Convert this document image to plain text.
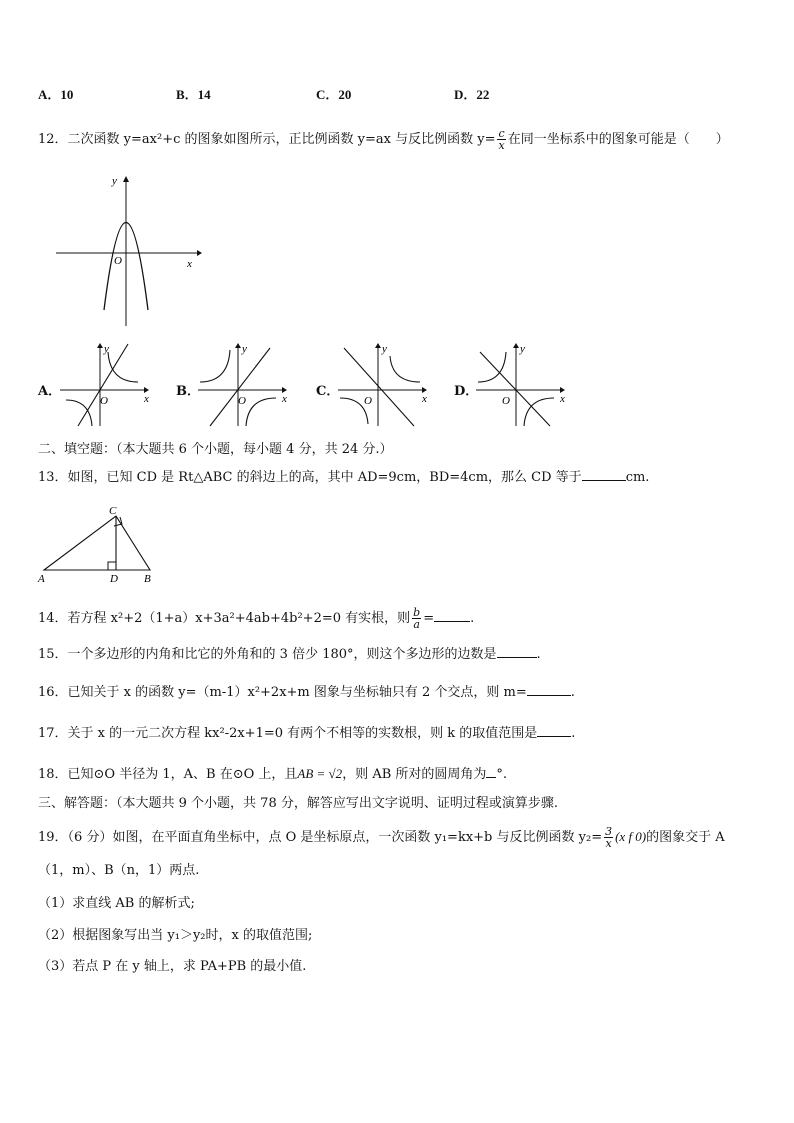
A．10	B．14	C．20	D．22
12．二次函数 y=ax²+c 的图象如图所示，正比例函数 y=ax 与反比例函数 $y= \frac{c}{x}$ 在同一坐标系中的图象可能是（　　）
y
x
O
A．
y
x
O
B．
y
x
O
C．
y
x
O
D．
y
x
O
二、填空题：（本大题共 6 个小题，每小题 4 分，共 24 分.）
13．如图，已知 CD 是 Rt△ABC 的斜边上的高，其中 AD=9cm，BD=4cm，那么 CD 等于	cm.
A
C
D B
14．若方程 x²+2（1+a）x+3a²+4ab+4b²+2=0 有实根，则 $\frac{b}{a}$ =	.
15．一个多边形的内角和比它的外角和的 3 倍少 180°，则这个多边形的边数是	.
16．已知关于 x 的函数 y=（m-1）x²+2x+m 图象与坐标轴只有 2 个交点，则 m=	.
17．关于 x 的一元二次方程 kx²-2x+1=0 有两个不相等的实数根，则 k 的取值范围是	.
18．已知⊙O 半径为 1，A、B 在⊙O 上，且AB = √2，则 AB 所对的圆周角为 °.
三、解答题：（本大题共 9 个小题，共 78 分，解答应写出文字说明、证明过程或演算步骤.
19．（6 分）如图，在平面直角坐标中，点 O 是坐标原点，一次函数 y₁=kx+b 与反比例函数 $y_2= \frac{3}{x} (x$ f 0)的图象交于 A
（1，m）、B（n，1）两点.
（1）求直线 AB 的解析式;
（2）根据图象写出当 y₁＞y₂时，x 的取值范围;
（3）若点 P 在 y 轴上，求 PA+PB 的最小值.
